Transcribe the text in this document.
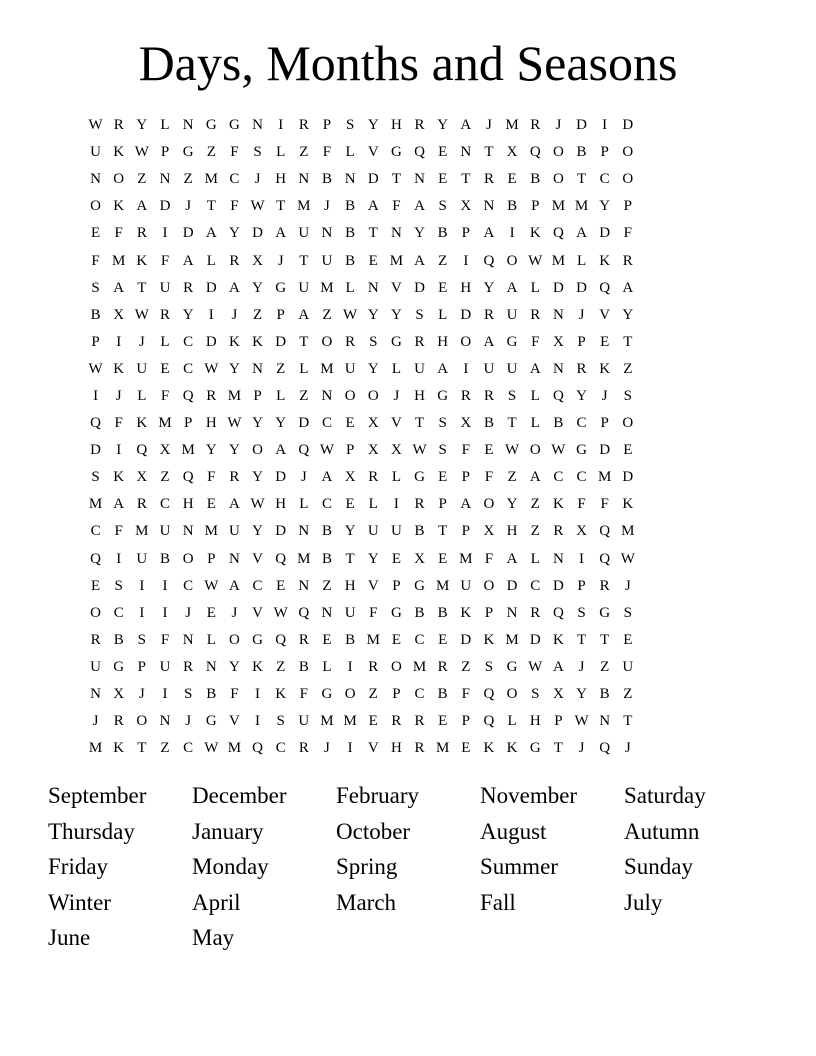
Days, Months and Seasons
W R Y L N G G N	I	R P S Y H R Y A J M R	J D	I	D
U K W P G Z F S L Z F L V G Q E N T X Q O B P O
N O Z N Z M C	J H N B N D T N E T R E B O T C O
O K A D J	T F W T M J	B A F A S X N B P M M Y P
E F R	I	D A Y D A U N B T N Y B P A	I	K Q A D F
F M K F A L R X J	T U B E M A Z	I	Q O W M L K R
S A T U R D A Y G U M L N V D E H Y A L D D Q A
B X W R Y	I	J	Z P A Z W Y Y S L D R U R N J V Y
P	I	J	L C D K K D T O R S G R H O A G F X P E T
W K U E C W Y N Z L M U Y L U A	I	U U A N R K Z
I	J	L F Q R M P L Z N O O J H G R R S L Q Y J	S
Q F K M P H W Y Y D C E X V T S X B T L B C P O
D	I	Q X M Y Y O A Q W P X X W S F E W O W G D E
S K X Z Q F R Y D J A X R L G E P F Z A C C M D
M A R C H E A W H L C E L	I	R P A O Y Z K F F K
C F M U N M U Y D N B Y U U B T P X H Z R X Q M
Q	I	U B O P N V Q M B T Y E X E M F A L N	I	Q W
E S	I	I	C W A C E N Z H V P G M U O D C D P R	J
O C	I	I	J	E	J V W Q N U F G B B K P N R Q S G S
R B S F N L O G Q R E B M E C E D K M D K T T E
U G P U R N Y K Z B L	I	R O M R Z S G W A J	Z U
N X J	I	S B F	I	K F G O Z P C B F Q O S X Y B Z
J	R O N J G V	I	S U M M E R R E P Q L H P W N T
M K T Z C W M Q C R	J	I	V H R M E K K G T	J Q J
September	December	February	November	Saturday
Thursday	January	October	August	Autumn
Friday	Monday	Spring	Summer	Sunday
Winter	April	March	Fall	July
June	May
